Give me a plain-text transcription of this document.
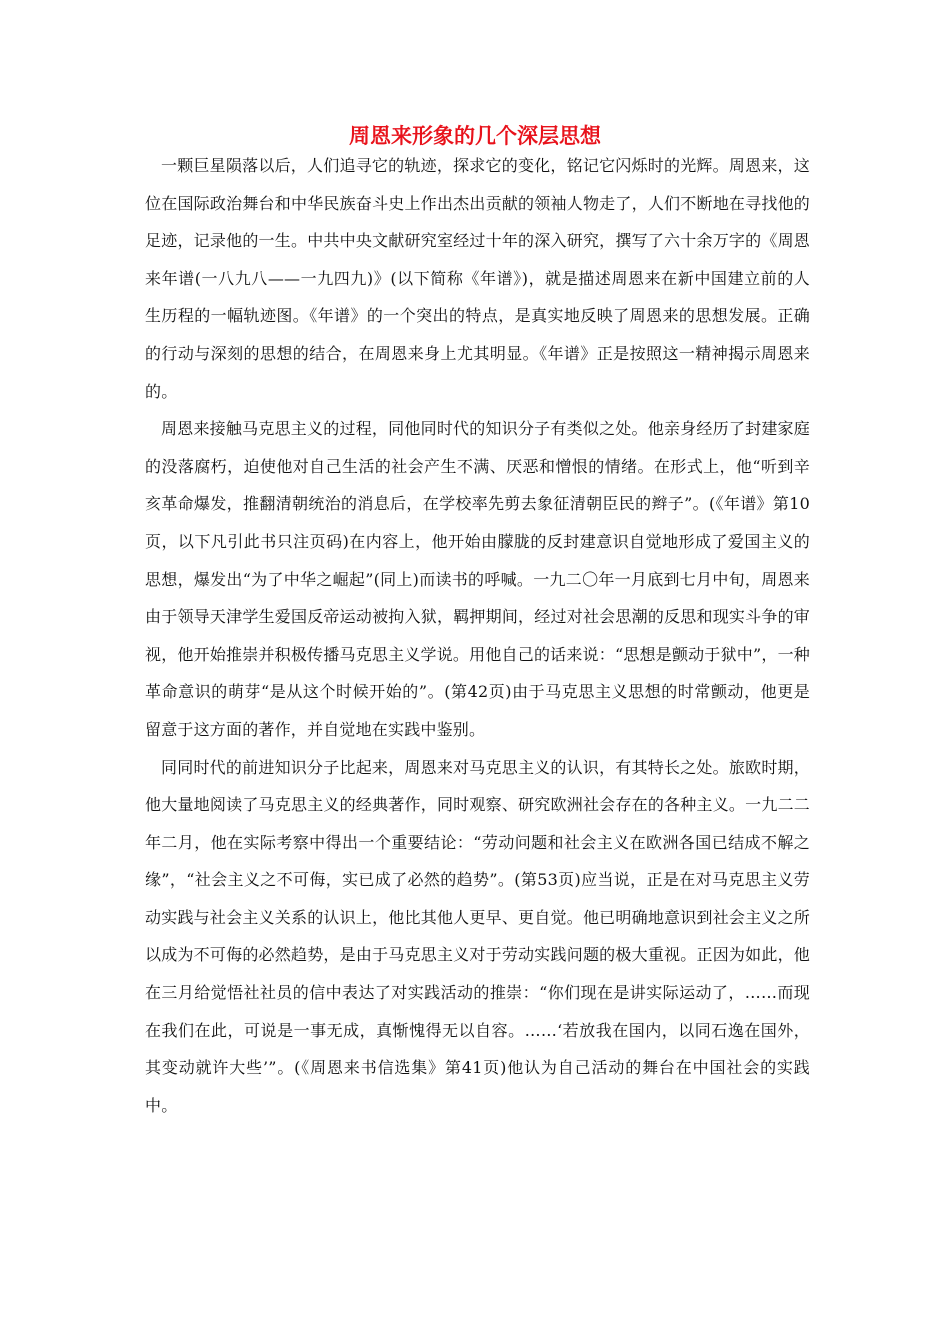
周恩来形象的几个深层思想

一颗巨星陨落以后，人们追寻它的轨迹，探求它的变化，铭记它闪烁时的光辉。周恩来，这位在国际政治舞台和中华民族奋斗史上作出杰出贡献的领袖人物走了，人们不断地在寻找他的足迹，记录他的一生。中共中央文献研究室经过十年的深入研究，撰写了六十余万字的《周恩来年谱(一八九八——一九四九)》(以下简称《年谱》)，就是描述周恩来在新中国建立前的人生历程的一幅轨迹图。《年谱》的一个突出的特点，是真实地反映了周恩来的思想发展。正确的行动与深刻的思想的结合，在周恩来身上尤其明显。《年谱》正是按照这一精神揭示周恩来的。

周恩来接触马克思主义的过程，同他同时代的知识分子有类似之处。他亲身经历了封建家庭的没落腐朽，迫使他对自己生活的社会产生不满、厌恶和憎恨的情绪。在形式上，他“听到辛亥革命爆发，推翻清朝统治的消息后，在学校率先剪去象征清朝臣民的辫子”。(《年谱》第10页，以下凡引此书只注页码)在内容上，他开始由朦胧的反封建意识自觉地形成了爱国主义的思想，爆发出“为了中华之崛起”(同上)而读书的呼喊。一九二〇年一月底到七月中旬，周恩来由于领导天津学生爱国反帝运动被拘入狱，羁押期间，经过对社会思潮的反思和现实斗争的审视，他开始推崇并积极传播马克思主义学说。用他自己的话来说：“思想是颤动于狱中”，一种革命意识的萌芽“是从这个时候开始的”。(第42页)由于马克思主义思想的时常颤动，他更是留意于这方面的著作，并自觉地在实践中鉴别。

同同时代的前进知识分子比起来，周恩来对马克思主义的认识，有其特长之处。旅欧时期，他大量地阅读了马克思主义的经典著作，同时观察、研究欧洲社会存在的各种主义。一九二二年二月，他在实际考察中得出一个重要结论：“劳动问题和社会主义在欧洲各国已结成不解之缘”，“社会主义之不可侮，实已成了必然的趋势”。(第53页)应当说，正是在对马克思主义劳动实践与社会主义关系的认识上，他比其他人更早、更自觉。他已明确地意识到社会主义之所以成为不可侮的必然趋势，是由于马克思主义对于劳动实践问题的极大重视。正因为如此，他在三月给觉悟社社员的信中表达了对实践活动的推崇：“你们现在是讲实际运动了，……而现在我们在此，可说是一事无成，真惭愧得无以自容。……‘若放我在国内，以同石逸在国外，其变动就许大些’”。(《周恩来书信选集》第41页)他认为自己活动的舞台在中国社会的实践中。
